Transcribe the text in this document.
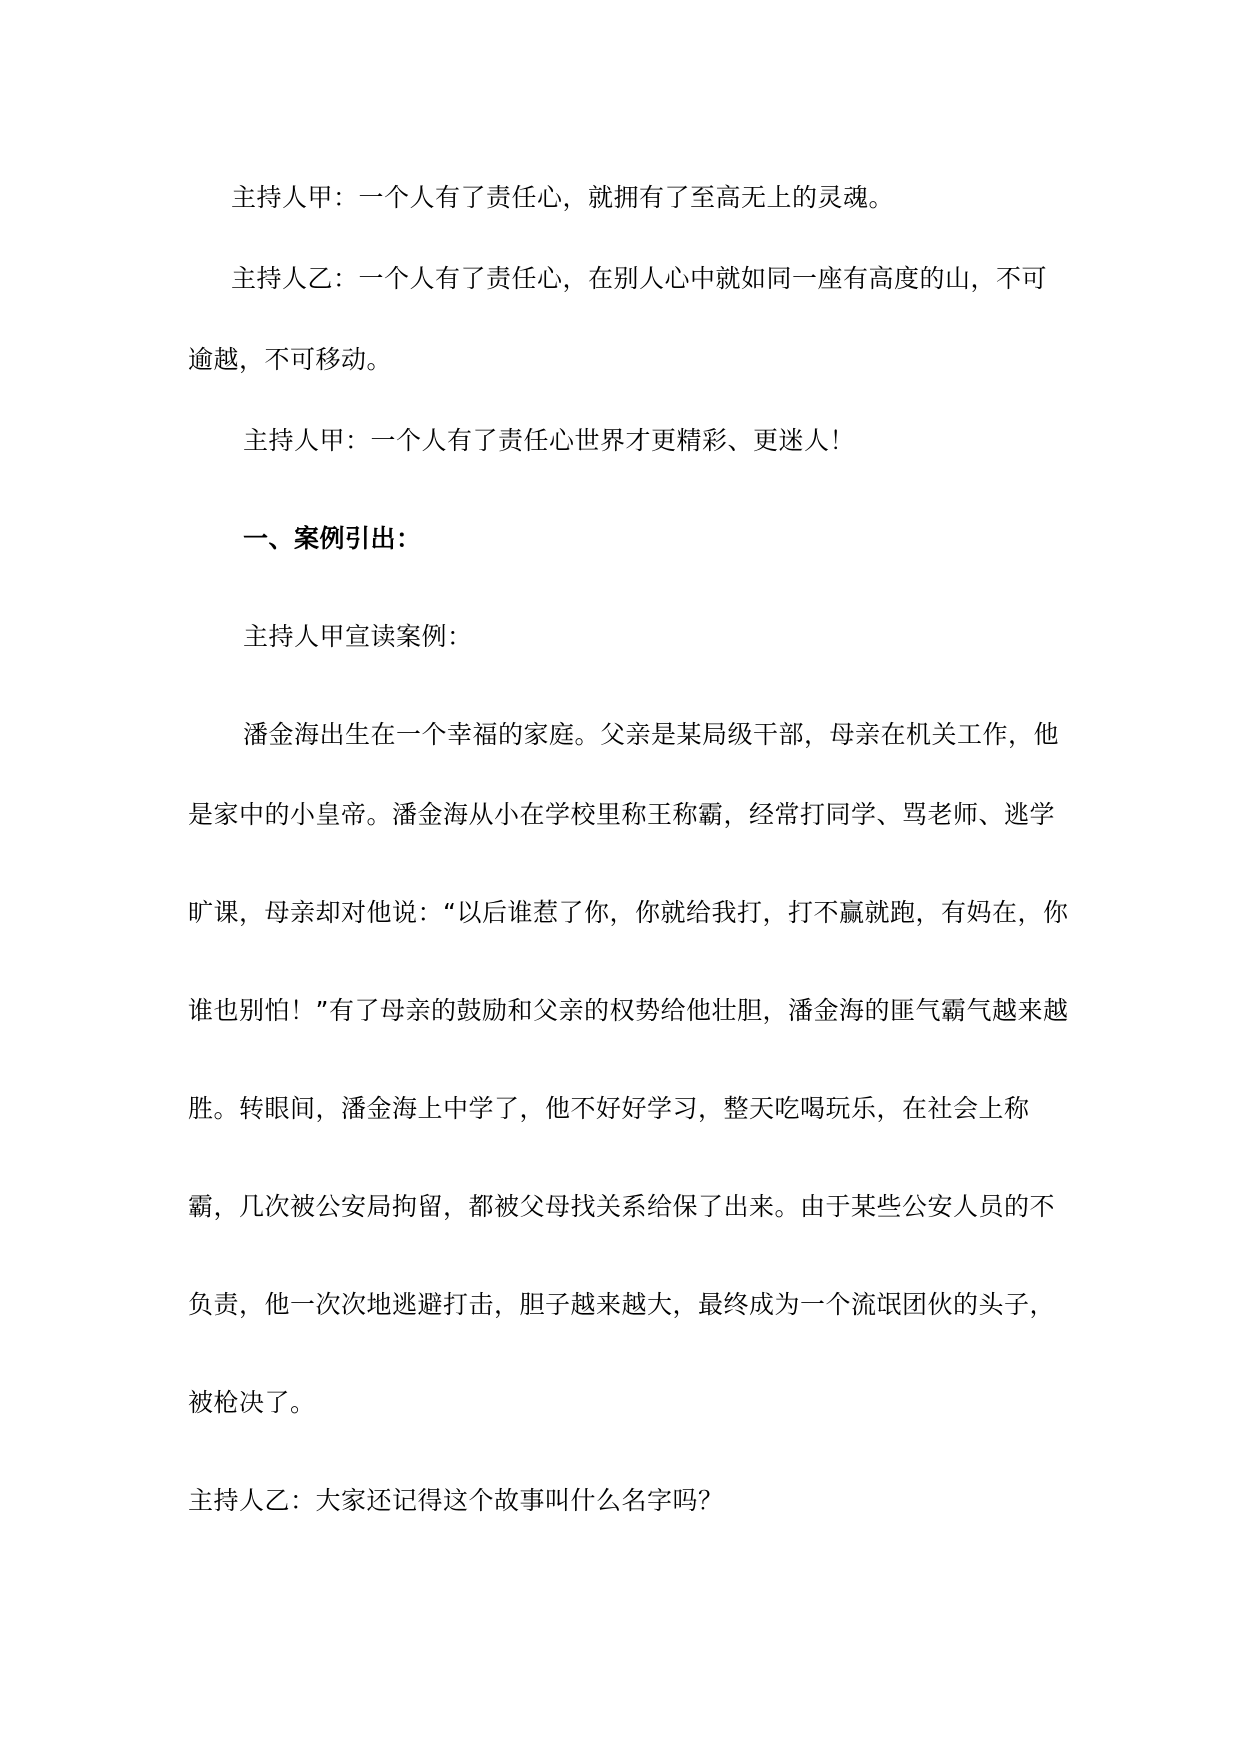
主持人甲：一个人有了责任心，就拥有了至高无上的灵魂。
主持人乙：一个人有了责任心，在别人心中就如同一座有高度的山，不可
逾越，不可移动。
主持人甲：一个人有了责任心世界才更精彩、更迷人！
一、案例引出：
主持人甲宣读案例：
潘金海出生在一个幸福的家庭。父亲是某局级干部，母亲在机关工作，他
是家中的小皇帝。潘金海从小在学校里称王称霸，经常打同学、骂老师、逃学
旷课，母亲却对他说：“以后谁惹了你，你就给我打，打不赢就跑，有妈在，你
谁也别怕！”有了母亲的鼓励和父亲的权势给他壮胆，潘金海的匪气霸气越来越
胜。转眼间，潘金海上中学了，他不好好学习，整天吃喝玩乐，在社会上称
霸，几次被公安局拘留，都被父母找关系给保了出来。由于某些公安人员的不
负责，他一次次地逃避打击，胆子越来越大，最终成为一个流氓团伙的头子，
被枪决了。
主持人乙：大家还记得这个故事叫什么名字吗？
